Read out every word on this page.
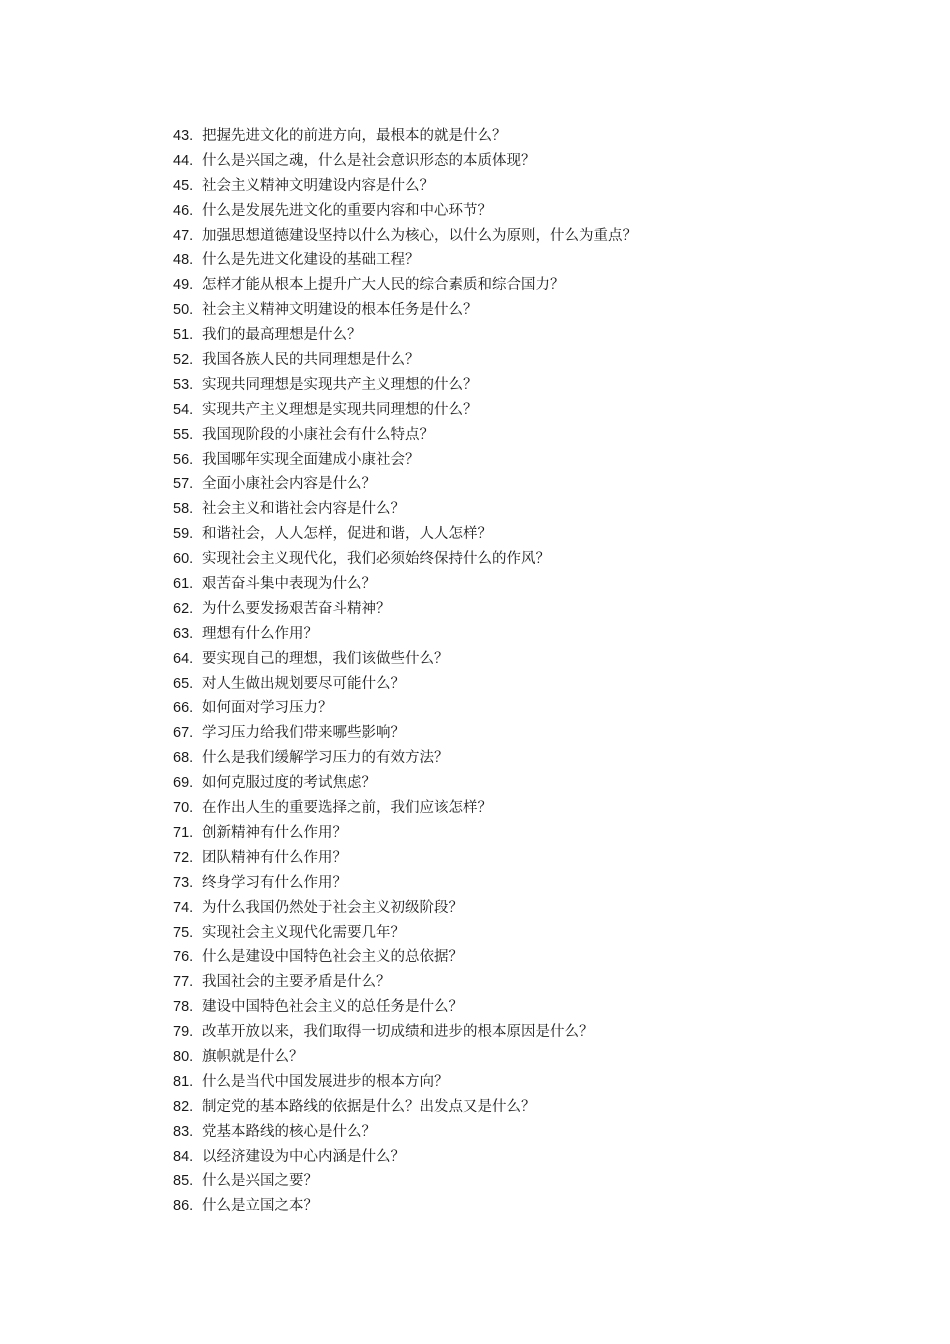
43. 把握先进文化的前进方向，最根本的就是什么？
44. 什么是兴国之魂，什么是社会意识形态的本质体现？
45. 社会主义精神文明建设内容是什么？
46. 什么是发展先进文化的重要内容和中心环节？
47. 加强思想道德建设坚持以什么为核心，以什么为原则，什么为重点？
48. 什么是先进文化建设的基础工程？
49. 怎样才能从根本上提升广大人民的综合素质和综合国力？
50. 社会主义精神文明建设的根本任务是什么？
51. 我们的最高理想是什么？
52. 我国各族人民的共同理想是什么？
53. 实现共同理想是实现共产主义理想的什么？
54. 实现共产主义理想是实现共同理想的什么？
55. 我国现阶段的小康社会有什么特点？
56. 我国哪年实现全面建成小康社会？
57. 全面小康社会内容是什么？
58. 社会主义和谐社会内容是什么？
59. 和谐社会，人人怎样，促进和谐，人人怎样？
60. 实现社会主义现代化，我们必须始终保持什么的作风？
61. 艰苦奋斗集中表现为什么？
62. 为什么要发扬艰苦奋斗精神？
63. 理想有什么作用？
64. 要实现自己的理想，我们该做些什么？
65. 对人生做出规划要尽可能什么？
66. 如何面对学习压力？
67. 学习压力给我们带来哪些影响？
68. 什么是我们缓解学习压力的有效方法？
69. 如何克服过度的考试焦虑？
70. 在作出人生的重要选择之前，我们应该怎样？
71. 创新精神有什么作用？
72. 团队精神有什么作用？
73. 终身学习有什么作用？
74. 为什么我国仍然处于社会主义初级阶段？
75. 实现社会主义现代化需要几年？
76. 什么是建设中国特色社会主义的总依据？
77. 我国社会的主要矛盾是什么？
78. 建设中国特色社会主义的总任务是什么？
79. 改革开放以来，我们取得一切成绩和进步的根本原因是什么？
80. 旗帜就是什么？
81. 什么是当代中国发展进步的根本方向？
82. 制定党的基本路线的依据是什么？出发点又是什么？
83. 党基本路线的核心是什么？
84. 以经济建设为中心内涵是什么？
85. 什么是兴国之要？
86. 什么是立国之本？
